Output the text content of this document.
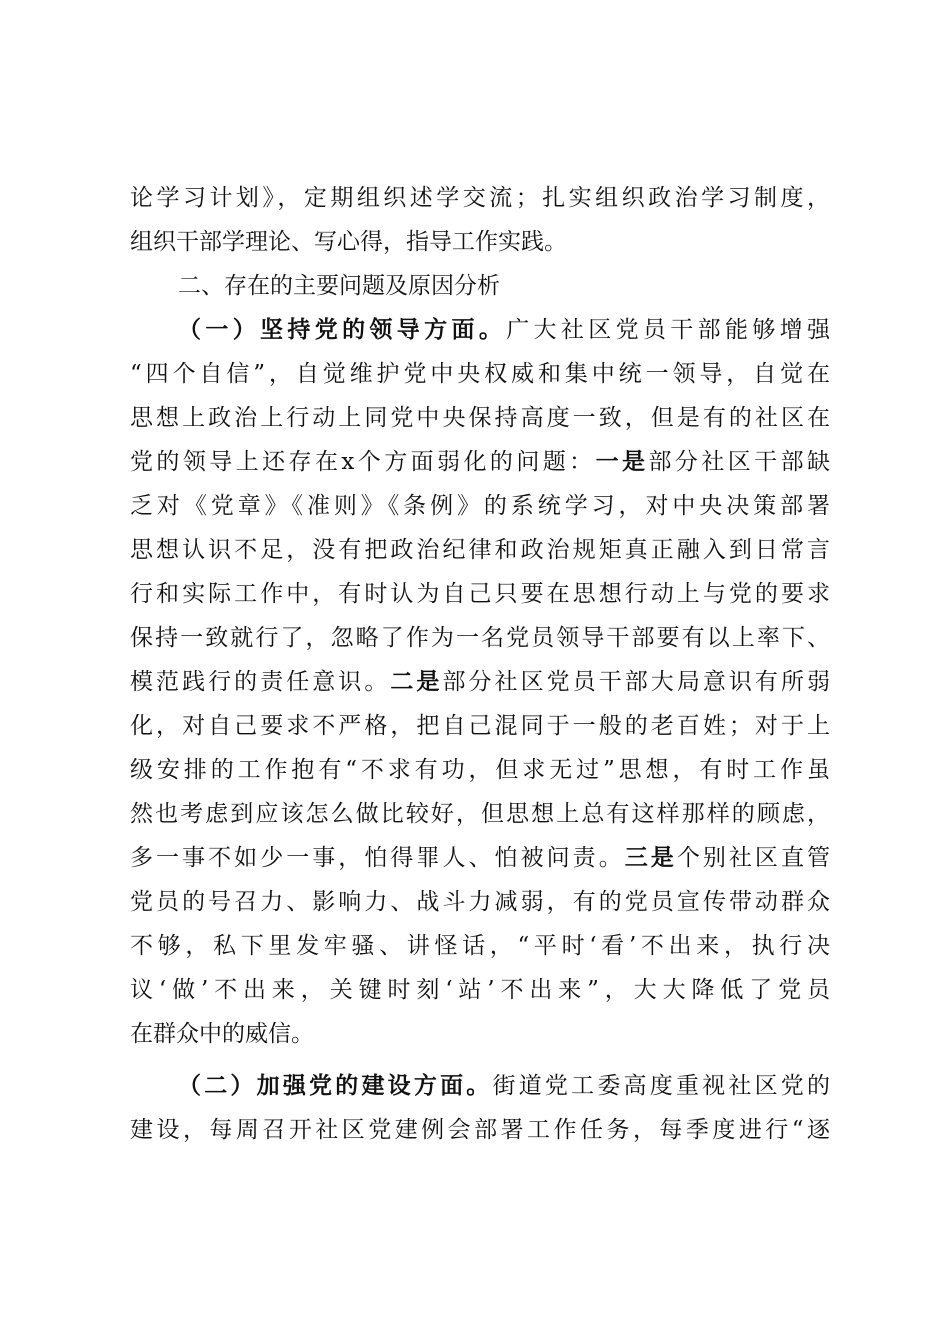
论学习计划》，定期组织述学交流；扎实组织政治学习制度，
组织干部学理论、写心得，指导工作实践。
二、存在的主要问题及原因分析
（一）坚持党的领导方面。广大社区党员干部能够增强
“四个自信”，自觉维护党中央权威和集中统一领导，自觉在
思想上政治上行动上同党中央保持高度一致，但是有的社区在
党的领导上还存在x个方面弱化的问题：一是部分社区干部缺
乏对《党章》《准则》《条例》的系统学习，对中央决策部署
思想认识不足，没有把政治纪律和政治规矩真正融入到日常言
行和实际工作中，有时认为自己只要在思想行动上与党的要求
保持一致就行了，忽略了作为一名党员领导干部要有以上率下、
模范践行的责任意识。二是部分社区党员干部大局意识有所弱
化，对自己要求不严格，把自己混同于一般的老百姓；对于上
级安排的工作抱有“不求有功，但求无过”思想，有时工作虽
然也考虑到应该怎么做比较好，但思想上总有这样那样的顾虑，
多一事不如少一事，怕得罪人、怕被问责。三是个别社区直管
党员的号召力、影响力、战斗力减弱，有的党员宣传带动群众
不够，私下里发牢骚、讲怪话，“平时‘看’不出来，执行决
议‘做’不出来，关键时刻‘站’不出来”，大大降低了党员
在群众中的威信。
（二）加强党的建设方面。街道党工委高度重视社区党的
建设，每周召开社区党建例会部署工作任务，每季度进行“逐
